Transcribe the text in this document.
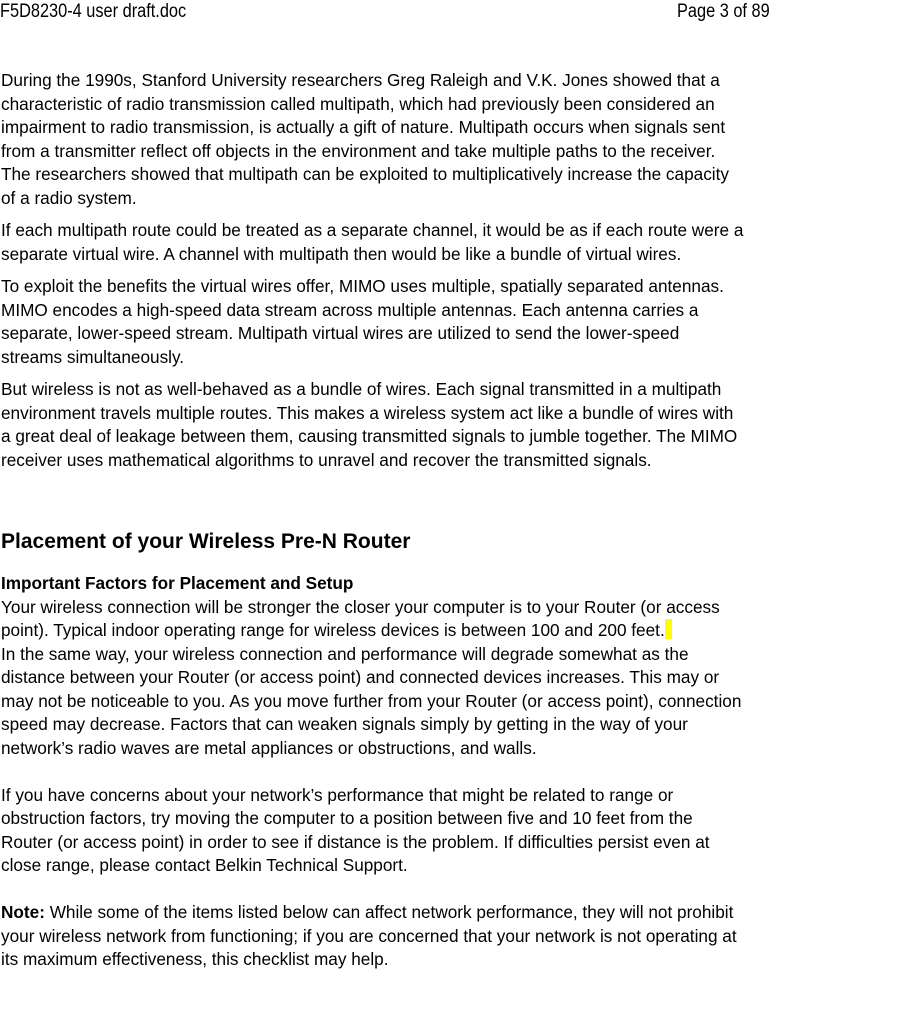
F5D8230-4 user draft.doc	Page 3 of 89

During the 1990s, Stanford University researchers Greg Raleigh and V.K. Jones showed that a
characteristic of radio transmission called multipath, which had previously been considered an
impairment to radio transmission, is actually a gift of nature. Multipath occurs when signals sent
from a transmitter reflect off objects in the environment and take multiple paths to the receiver.
The researchers showed that multipath can be exploited to multiplicatively increase the capacity
of a radio system.

If each multipath route could be treated as a separate channel, it would be as if each route were a
separate virtual wire. A channel with multipath then would be like a bundle of virtual wires.

To exploit the benefits the virtual wires offer, MIMO uses multiple, spatially separated antennas.
MIMO encodes a high-speed data stream across multiple antennas. Each antenna carries a
separate, lower-speed stream. Multipath virtual wires are utilized to send the lower-speed
streams simultaneously.

But wireless is not as well-behaved as a bundle of wires. Each signal transmitted in a multipath
environment travels multiple routes. This makes a wireless system act like a bundle of wires with
a great deal of leakage between them, causing transmitted signals to jumble together. The MIMO
receiver uses mathematical algorithms to unravel and recover the transmitted signals.

Placement of your Wireless Pre-N Router

Important Factors for Placement and Setup

Your wireless connection will be stronger the closer your computer is to your Router (or access

point). Typical indoor operating range for wireless devices is between 100 and 200 feet.

In the same way, your wireless connection and performance will degrade somewhat as the
distance between your Router (or access point) and connected devices increases. This may or
may not be noticeable to you. As you move further from your Router (or access point), connection
speed may decrease. Factors that can weaken signals simply by getting in the way of your
network’s radio waves are metal appliances or obstructions, and walls.

If you have concerns about your network’s performance that might be related to range or
obstruction factors, try moving the computer to a position between five and 10 feet from the
Router (or access point) in order to see if distance is the problem. If difficulties persist even at
close range, please contact Belkin Technical Support.

Note: While some of the items listed below can affect network performance, they will not prohibit
your wireless network from functioning; if you are concerned that your network is not operating at
its maximum effectiveness, this checklist may help.
